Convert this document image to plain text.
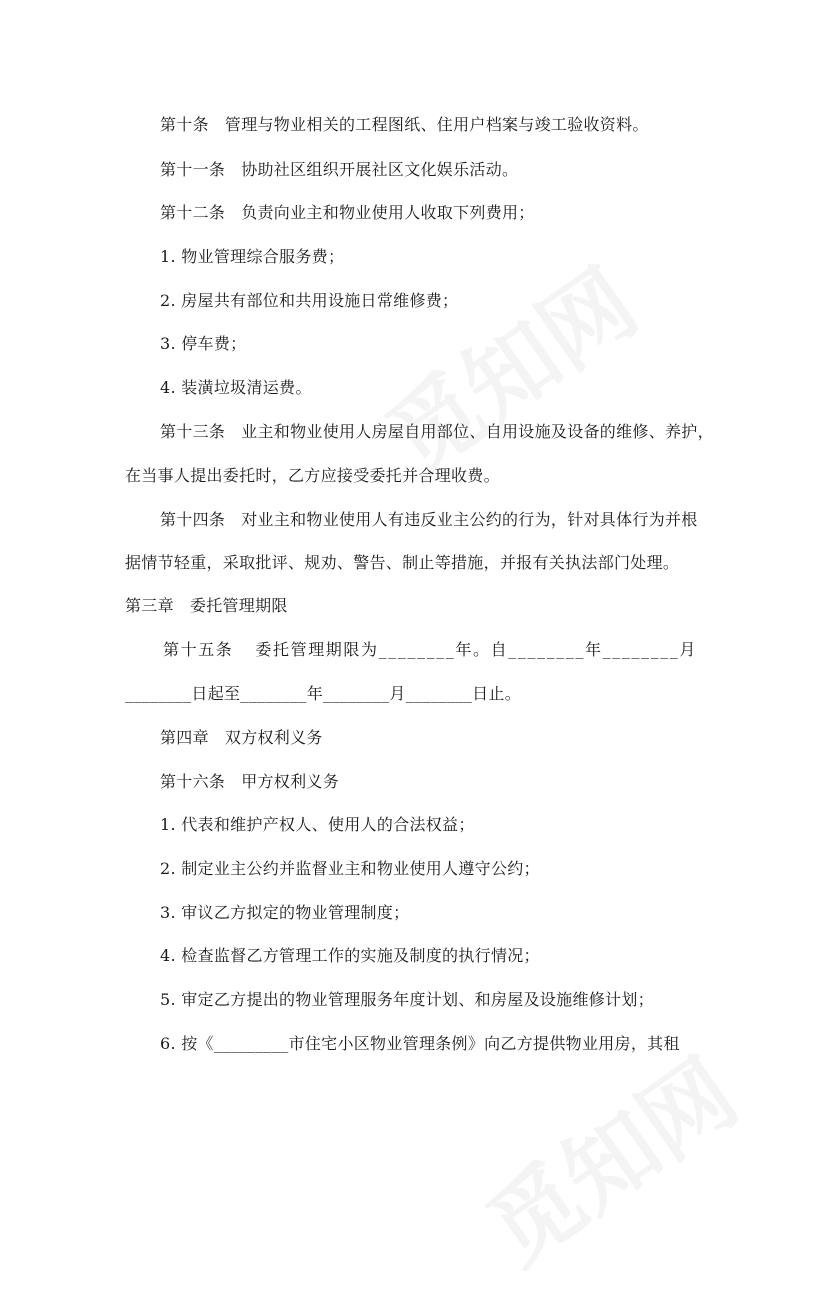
第十条 管理与物业相关的工程图纸、住用户档案与竣工验收资料。
第十一条 协助社区组织开展社区文化娱乐活动。
第十二条 负责向业主和物业使用人收取下列费用；
1. 物业管理综合服务费；
2. 房屋共有部位和共用设施日常维修费；
3. 停车费；
4. 装潢垃圾清运费。
第十三条 业主和物业使用人房屋自用部位、自用设施及设备的维修、养护，
在当事人提出委托时，乙方应接受委托并合理收费。
第十四条 对业主和物业使用人有违反业主公约的行为，针对具体行为并根
据情节轻重，采取批评、规劝、警告、制止等措施，并报有关执法部门处理。
第三章 委托管理期限
第十五条 委托管理期限为________年。自________年________月
________日起至________年________月________日止。
第四章 双方权利义务
第十六条 甲方权利义务
1. 代表和维护产权人、使用人的合法权益；
2. 制定业主公约并监督业主和物业使用人遵守公约；
3. 审议乙方拟定的物业管理制度；
4. 检查监督乙方管理工作的实施及制度的执行情况；
5. 审定乙方提出的物业管理服务年度计划、和房屋及设施维修计划；
6. 按《_________市住宅小区物业管理条例》向乙方提供物业用房，其租
